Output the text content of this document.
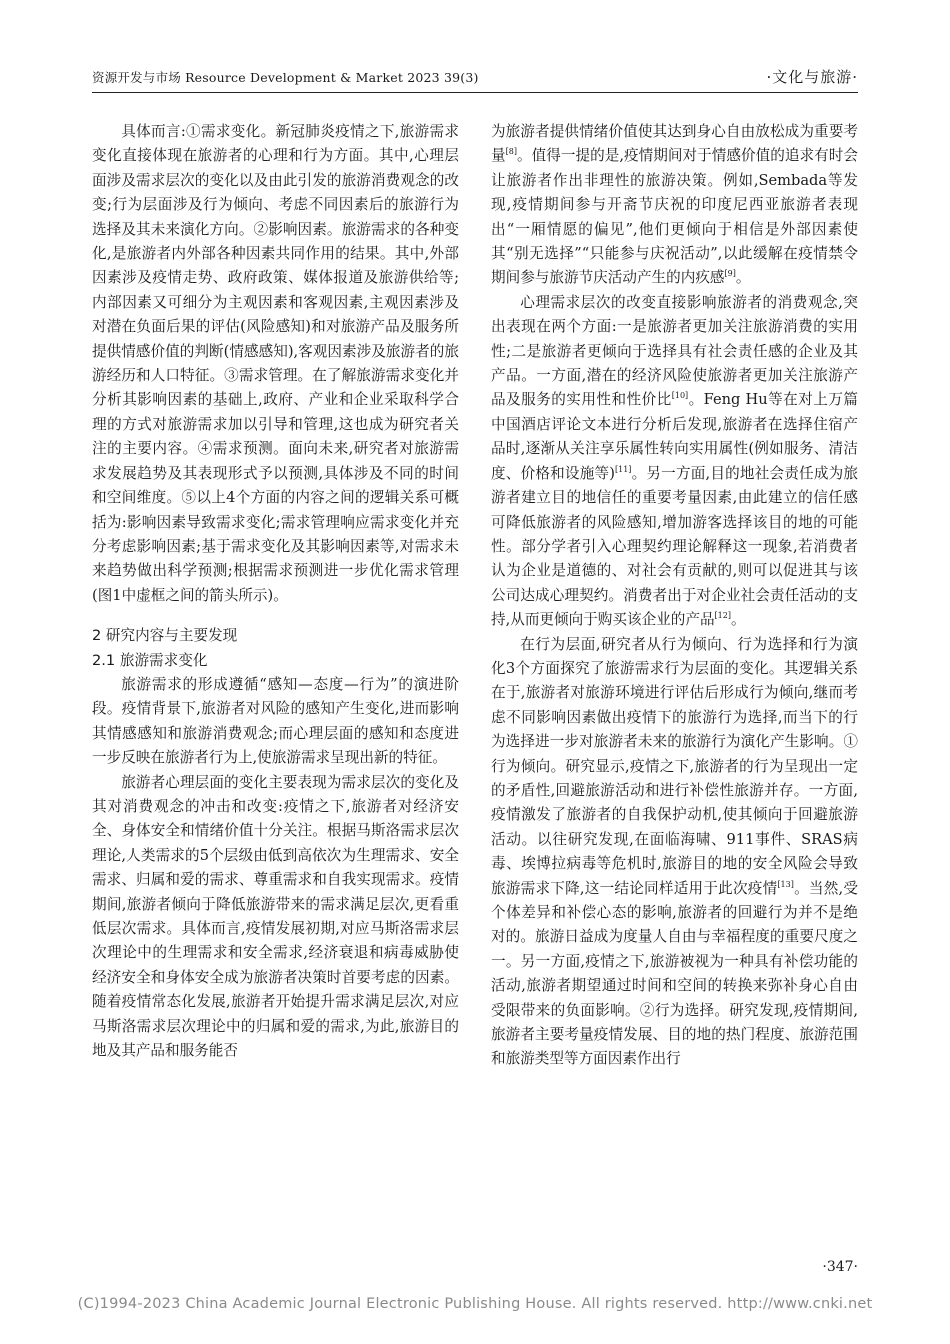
资源开发与市场 Resource Development & Market 2023 39(3)	·文化与旅游·

具体而言:①需求变化。新冠肺炎疫情之下,旅游需求变化直接体现在旅游者的心理和行为方面。其中,心理层面涉及需求层次的变化以及由此引发的旅游消费观念的改变;行为层面涉及行为倾向、考虑不同因素后的旅游行为选择及其未来演化方向。②影响因素。旅游需求的各种变化,是旅游者内外部各种因素共同作用的结果。其中,外部因素涉及疫情走势、政府政策、媒体报道及旅游供给等;内部因素又可细分为主观因素和客观因素,主观因素涉及对潜在负面后果的评估(风险感知)和对旅游产品及服务所提供情感价值的判断(情感感知),客观因素涉及旅游者的旅游经历和人口特征。③需求管理。在了解旅游需求变化并分析其影响因素的基础上,政府、产业和企业采取科学合理的方式对旅游需求加以引导和管理,这也成为研究者关注的主要内容。④需求预测。面向未来,研究者对旅游需求发展趋势及其表现形式予以预测,具体涉及不同的时间和空间维度。⑤以上4个方面的内容之间的逻辑关系可概括为:影响因素导致需求变化;需求管理响应需求变化并充分考虑影响因素;基于需求变化及其影响因素等,对需求未来趋势做出科学预测;根据需求预测进一步优化需求管理(图1中虚框之间的箭头所示)。

2 研究内容与主要发现
2.1 旅游需求变化

旅游需求的形成遵循“感知—态度—行为”的演进阶段。疫情背景下,旅游者对风险的感知产生变化,进而影响其情感感知和旅游消费观念;而心理层面的感知和态度进一步反映在旅游者行为上,使旅游需求呈现出新的特征。

旅游者心理层面的变化主要表现为需求层次的变化及其对消费观念的冲击和改变:疫情之下,旅游者对经济安全、身体安全和情绪价值十分关注。根据马斯洛需求层次理论,人类需求的5个层级由低到高依次为生理需求、安全需求、归属和爱的需求、尊重需求和自我实现需求。疫情期间,旅游者倾向于降低旅游带来的需求满足层次,更看重低层次需求。具体而言,疫情发展初期,对应马斯洛需求层次理论中的生理需求和安全需求,经济衰退和病毒威胁使经济安全和身体安全成为旅游者决策时首要考虑的因素。随着疫情常态化发展,旅游者开始提升需求满足层次,对应马斯洛需求层次理论中的归属和爱的需求,为此,旅游目的地及其产品和服务能否

为旅游者提供情绪价值使其达到身心自由放松成为重要考量[8]。值得一提的是,疫情期间对于情感价值的追求有时会让旅游者作出非理性的旅游决策。例如,Sembada等发现,疫情期间参与开斋节庆祝的印度尼西亚旅游者表现出“一厢情愿的偏见”,他们更倾向于相信是外部因素使其“别无选择”“只能参与庆祝活动”,以此缓解在疫情禁令期间参与旅游节庆活动产生的内疚感[9]。

心理需求层次的改变直接影响旅游者的消费观念,突出表现在两个方面:一是旅游者更加关注旅游消费的实用性;二是旅游者更倾向于选择具有社会责任感的企业及其产品。一方面,潜在的经济风险使旅游者更加关注旅游产品及服务的实用性和性价比[10]。Feng Hu等在对上万篇中国酒店评论文本进行分析后发现,旅游者在选择住宿产品时,逐渐从关注享乐属性转向实用属性(例如服务、清洁度、价格和设施等)[11]。另一方面,目的地社会责任成为旅游者建立目的地信任的重要考量因素,由此建立的信任感可降低旅游者的风险感知,增加游客选择该目的地的可能性。部分学者引入心理契约理论解释这一现象,若消费者认为企业是道德的、对社会有贡献的,则可以促进其与该公司达成心理契约。消费者出于对企业社会责任活动的支持,从而更倾向于购买该企业的产品[12]。

在行为层面,研究者从行为倾向、行为选择和行为演化3个方面探究了旅游需求行为层面的变化。其逻辑关系在于,旅游者对旅游环境进行评估后形成行为倾向,继而考虑不同影响因素做出疫情下的旅游行为选择,而当下的行为选择进一步对旅游者未来的旅游行为演化产生影响。①行为倾向。研究显示,疫情之下,旅游者的行为呈现出一定的矛盾性,回避旅游活动和进行补偿性旅游并存。一方面,疫情激发了旅游者的自我保护动机,使其倾向于回避旅游活动。以往研究发现,在面临海啸、911事件、SRAS病毒、埃博拉病毒等危机时,旅游目的地的安全风险会导致旅游需求下降,这一结论同样适用于此次疫情[13]。当然,受个体差异和补偿心态的影响,旅游者的回避行为并不是绝对的。旅游日益成为度量人自由与幸福程度的重要尺度之一。另一方面,疫情之下,旅游被视为一种具有补偿功能的活动,旅游者期望通过时间和空间的转换来弥补身心自由受限带来的负面影响。②行为选择。研究发现,疫情期间,旅游者主要考量疫情发展、目的地的热门程度、旅游范围和旅游类型等方面因素作出行

·347·
(C)1994-2023 China Academic Journal Electronic Publishing House. All rights reserved. http://www.cnki.net
